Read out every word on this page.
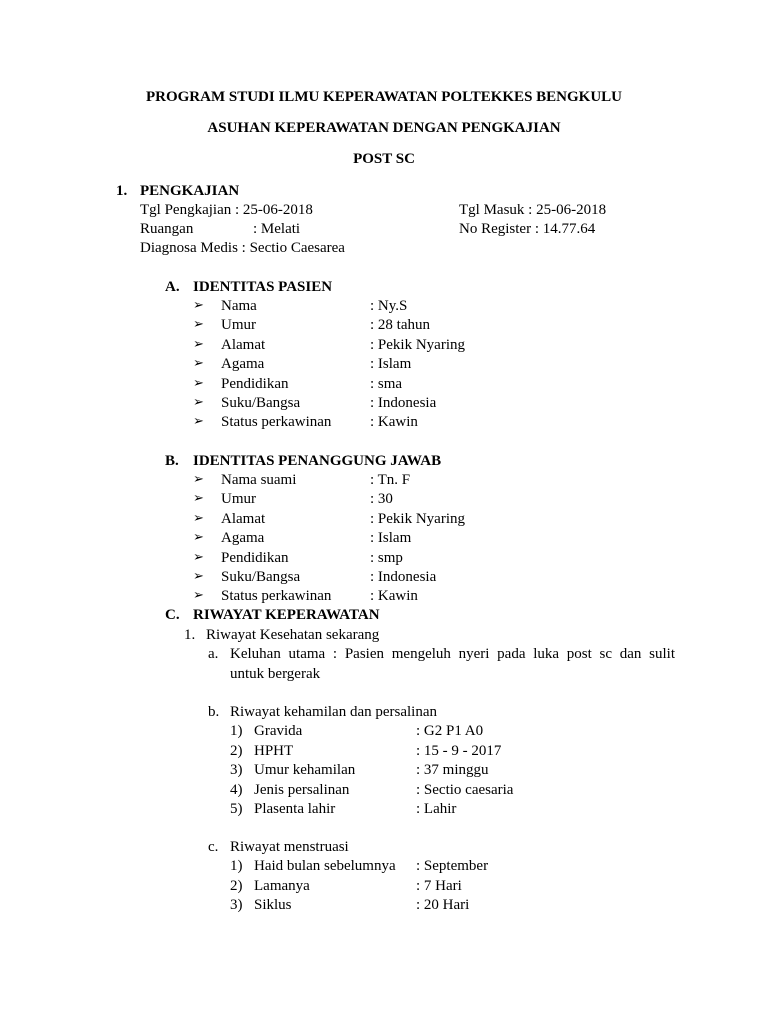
PROGRAM STUDI ILMU KEPERAWATAN POLTEKKES BENGKULU
ASUHAN KEPERAWATAN DENGAN PENGKAJIAN
POST SC
1. PENGKAJIAN
Tgl Pengkajian : 25-06-2018	Tgl Masuk : 25-06-2018
Ruangan	: Melati	No Register : 14.77.64
Diagnosa Medis : Sectio Caesarea
A. IDENTITAS PASIEN
➢ Nama	: Ny.S
➢ Umur	: 28 tahun
➢ Alamat	: Pekik Nyaring
➢ Agama	: Islam
➢ Pendidikan	: sma
➢ Suku/Bangsa	: Indonesia
➢ Status perkawinan	: Kawin
B. IDENTITAS PENANGGUNG JAWAB
➢ Nama suami	: Tn. F
➢ Umur	: 30
➢ Alamat	: Pekik Nyaring
➢ Agama	: Islam
➢ Pendidikan	: smp
➢ Suku/Bangsa	: Indonesia
➢ Status perkawinan	: Kawin
C. RIWAYAT KEPERAWATAN
1. Riwayat Kesehatan sekarang
a. Keluhan utama : Pasien mengeluh nyeri pada luka post sc dan sulit
untuk bergerak
b. Riwayat kehamilan dan persalinan
1) Gravida	: G2 P1 A0
2) HPHT	: 15 - 9 - 2017
3) Umur kehamilan	: 37 minggu
4) Jenis persalinan	: Sectio caesaria
5) Plasenta lahir	: Lahir
c. Riwayat menstruasi
1) Haid bulan sebelumnya : September
2) Lamanya	: 7 Hari
3) Siklus	: 20 Hari
